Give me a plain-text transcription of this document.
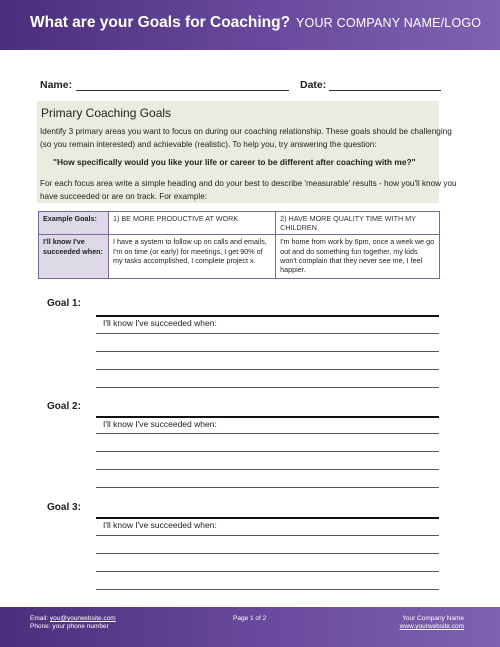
What are your Goals for Coaching? YOUR COMPANY NAME/LOGO
Name:	Date:
Primary Coaching Goals
Identify 3 primary areas you want to focus on during our coaching relationship. These goals should be challenging (so you remain interested) and achievable (realistic). To help you, try answering the question:
"How specifically would you like your life or career to be different after coaching with me?"
For each focus area write a simple heading and do your best to describe 'measurable' results - how you'll know you have succeeded or are on track. For example:
Example Goals:	1) BE MORE PRODUCTIVE AT WORK	2) HAVE MORE QUALITY TIME WITH MY CHILDREN
I'll know I've succeeded when:	I have a system to follow up on calls and emails, I'm on time (or early) for meetings, I get 90% of my tasks accomplished, I complete project x.	I'm home from work by 6pm, once a week we go out and do something fun together, my kids won't complain that they never see me, I feel happier.
Goal 1:
I'll know I've succeeded when:
Goal 2:
I'll know I've succeeded when:
Goal 3:
I'll know I've succeeded when:
Email: you@yourwebsite.com
Phone: your phone number
Page 1 of 2	Your Company Name
www.yourwebsite.com
